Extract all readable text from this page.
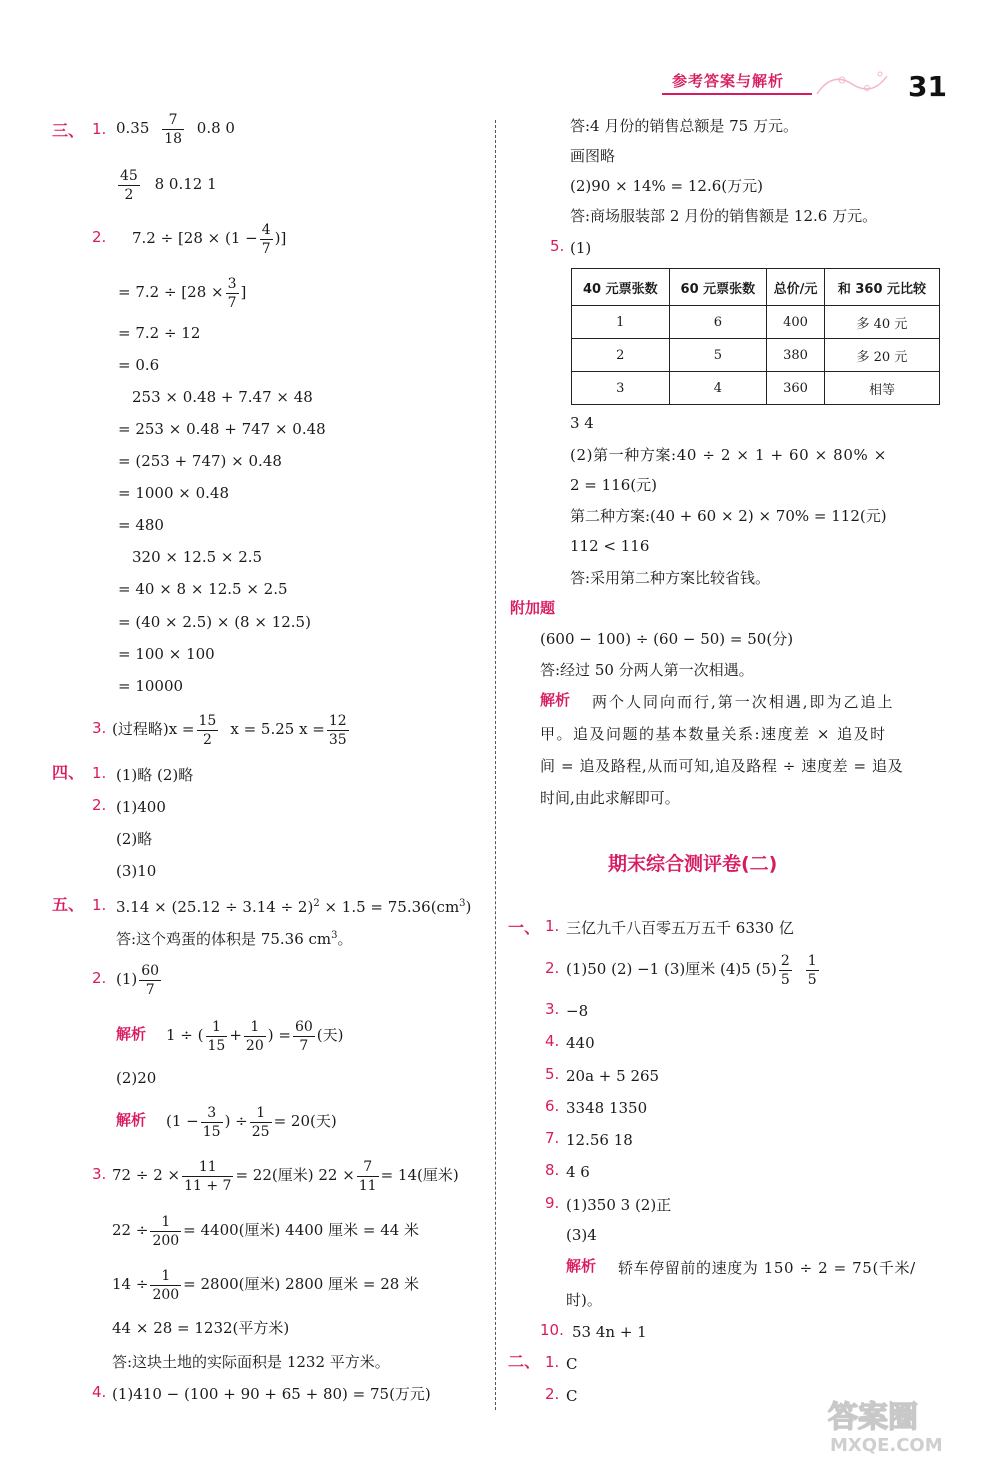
参考答案与解析	31
三、 1. $0.35 \frac{7}{18} 0.8$ 0
$\frac{45}{2} 8$ 0.12 1
2. $7.2 \div [28 \times (1 - \frac{4}{7}$ )]
= $7.2 \div [28 \times \frac{3}{7}$ ]
= 7.2 ÷ 12
= 0.6
253 × 0.48 + 7.47 × 48
= 253 × 0.48 + 747 × 0.48
= (253 + 747) × 0.48
= 1000 × 0.48
= 480
320 × 12.5 × 2.5
= 40 × 8 × 12.5 × 2.5
= (40 × 2.5) × (8 × 12.5)
= 100 × 100
= 10000
3. (过程略)$x = \frac{15}{2}$ x = 5.25 $x = \frac{12}{35}$
四、 1. (1)略 (2)略
2. (1)400
(2)略
(3)10
五、 1. $3.14 \times (25.12 \div 3.14 \div 2)^2 \times 1.5 = 75.36(cm^3)$
答:这个鸡蛋的体积是 75.36 $cm^3$。
2. $(1) \frac{60}{7}$
解析 1 ÷ ( $\frac{1}{15} + \frac{1}{20}$ ) = $\frac{60}{7}$ (天)
(2)20
解析 ($1 - \frac{3}{15}$ ) ÷ $\frac{1}{25} = 20$(天)
3. $72 \div 2 \times \frac{11}{11 + 7} = 22$(厘米) $22 \times \frac{7}{11} = 14$(厘米)
$22 \div \frac{1}{200} = 4400$(厘米) 4400 厘米 = 44 米
$14 \div \frac{1}{200} = 2800$(厘米) 2800 厘米 = 28 米
44 × 28 = 1232(平方米)
答:这块土地的实际面积是 1232 平方米。
4. (1)410 − (100 + 90 + 65 + 80) = 75(万元)
答:4 月份的销售总额是 75 万元。
画图略
(2)90 × 14% = 12.6(万元)
答:商场服装部 2 月份的销售额是 12.6 万元。
5. (1)
40 元票张数	60 元票张数	总价/元	和 360 元比较
1	6	400	多 40 元
2	5	380	多 20 元
3	4	360	相等
3 4
(2)第一种方案:40 ÷ 2 × 1 + 60 × 80% ×
2 = 116(元)
第二种方案:(40 + 60 × 2) × 70% = 112(元)
112 < 116
答:采用第二种方案比较省钱。
附加题
(600 − 100) ÷ (60 − 50) = 50(分)
答:经过 50 分两人第一次相遇。
解析 两个人同向而行,第一次相遇,即为乙追上
甲。追及问题的基本数量关系:速度差 × 追及时
间 = 追及路程,从而可知,追及路程 ÷ 速度差 = 追及
时间,由此求解即可。
期末综合测评卷(二)
一、 1. 三亿九千八百零五万五千 6330 亿
2. (1)50 (2) −1 (3)厘米 (4)5 $(5) \frac{2}{5} \frac{1}{5}$
3. −8
4. 440
5. 20a + 5 265
6. 3348 1350
7. 12.56 18
8. 4 6
9. (1)350 3 (2)正
(3)4
解析 轿车停留前的速度为 150 ÷ 2 = 75(千米/
时)。
10. 53 4n + 1
二、 1. C
2. C
答案圈
MXQE.COM
